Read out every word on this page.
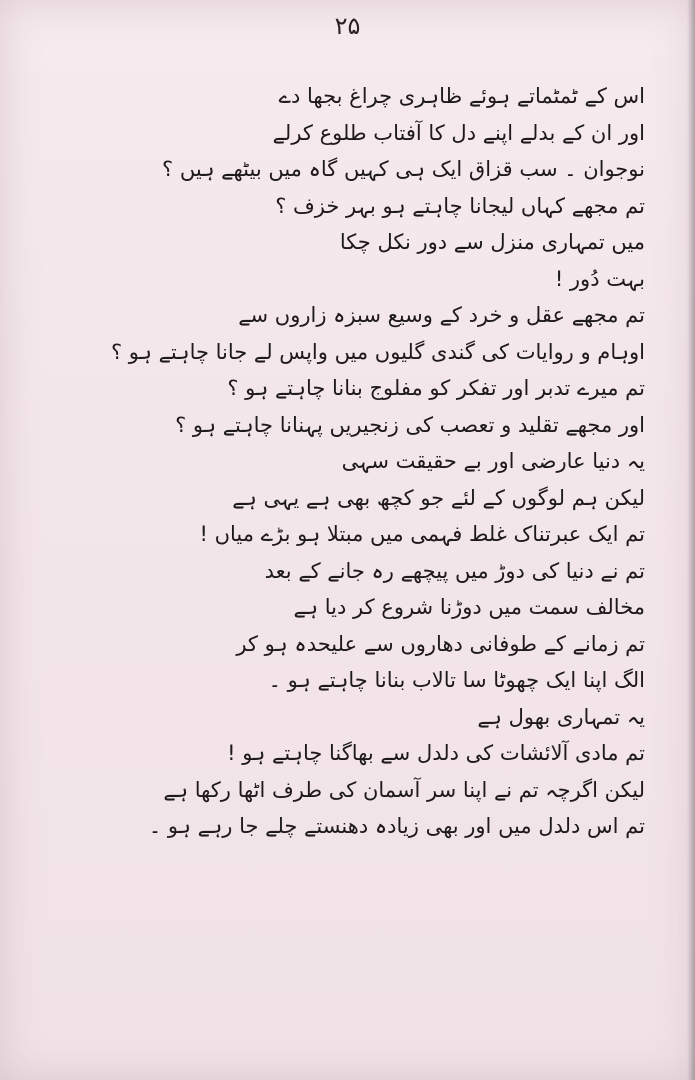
۲۵
اس کے ٹمٹماتے ہوئے ظاہری چراغ بجھا دے
اور ان کے بدلے اپنے دل کا آفتاب طلوع کرلے
نوجوان ۔ سب قزاق ایک ہی کہیں گاہ میں بیٹھے ہیں ؟
تم مجھے کہاں لیجانا چاہتے ہو بہر خزف ؟
میں تمہاری منزل سے دور نکل چکا
بہت دُور !
تم مجھے عقل و خرد کے وسیع سبزہ زاروں سے
اوہام و روایات کی گندی گلیوں میں واپس لے جانا چاہتے ہو ؟
تم میرے تدبر اور تفکر کو مفلوج بنانا چاہتے ہو ؟
اور مجھے تقلید و تعصب کی زنجیریں پہنانا چاہتے ہو ؟
یہ دنیا عارضی اور بے حقیقت سہی
لیکن ہم لوگوں کے لئے جو کچھ بھی ہے یہی ہے
تم ایک عبرتناک غلط فہمی میں مبتلا ہو بڑے میاں !
تم نے دنیا کی دوڑ میں پیچھے رہ جانے کے بعد
مخالف سمت میں دوڑنا شروع کر دیا ہے
تم زمانے کے طوفانی دھاروں سے علیحدہ ہو کر
الگ اپنا ایک چھوٹا سا تالاب بنانا چاہتے ہو ۔
یہ تمہاری بھول ہے
تم مادی آلائشات کی دلدل سے بھاگنا چاہتے ہو !
لیکن اگرچہ تم نے اپنا سر آسمان کی طرف اٹھا رکھا ہے
تم اس دلدل میں اور بھی زیادہ دھنستے چلے جا رہے ہو ۔
